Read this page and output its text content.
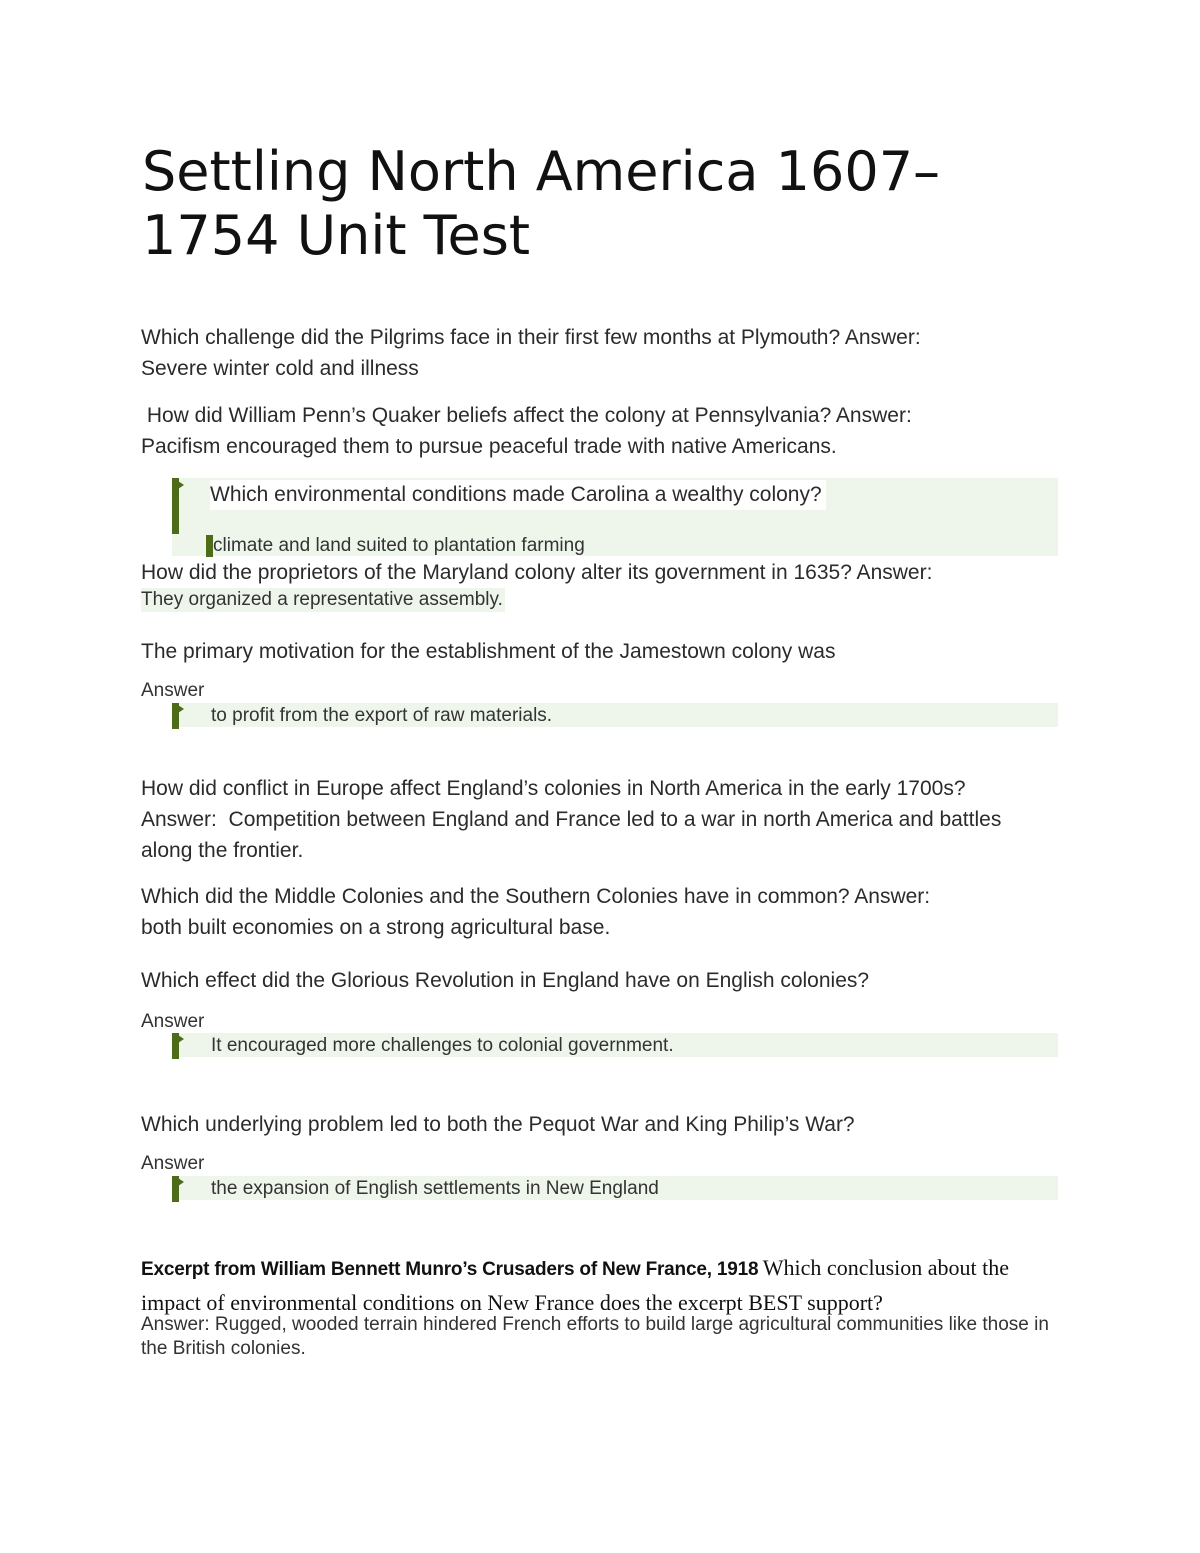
Settling North America 1607–1754 Unit Test
Which challenge did the Pilgrims face in their first few months at Plymouth? Answer:
Severe winter cold and illness
How did William Penn’s Quaker beliefs affect the colony at Pennsylvania? Answer:
Pacifism encouraged them to pursue peaceful trade with native Americans.
Which environmental conditions made Carolina a wealthy colony?
climate and land suited to plantation farming
How did the proprietors of the Maryland colony alter its government in 1635? Answer:
They organized a representative assembly.
The primary motivation for the establishment of the Jamestown colony was
Answer
to profit from the export of raw materials.
How did conflict in Europe affect England’s colonies in North America in the early 1700s? Answer:  Competition between England and France led to a war in north America and battles along the frontier.
Which did the Middle Colonies and the Southern Colonies have in common? Answer:
both built economies on a strong agricultural base.
Which effect did the Glorious Revolution in England have on English colonies?
Answer
It encouraged more challenges to colonial government.
Which underlying problem led to both the Pequot War and King Philip’s War?
Answer
the expansion of English settlements in New England
Excerpt from William Bennett Munro’s Crusaders of New France, 1918 Which conclusion about the impact of environmental conditions on New France does the excerpt BEST support?
Answer: Rugged, wooded terrain hindered French efforts to build large agricultural communities like those in the British colonies.
